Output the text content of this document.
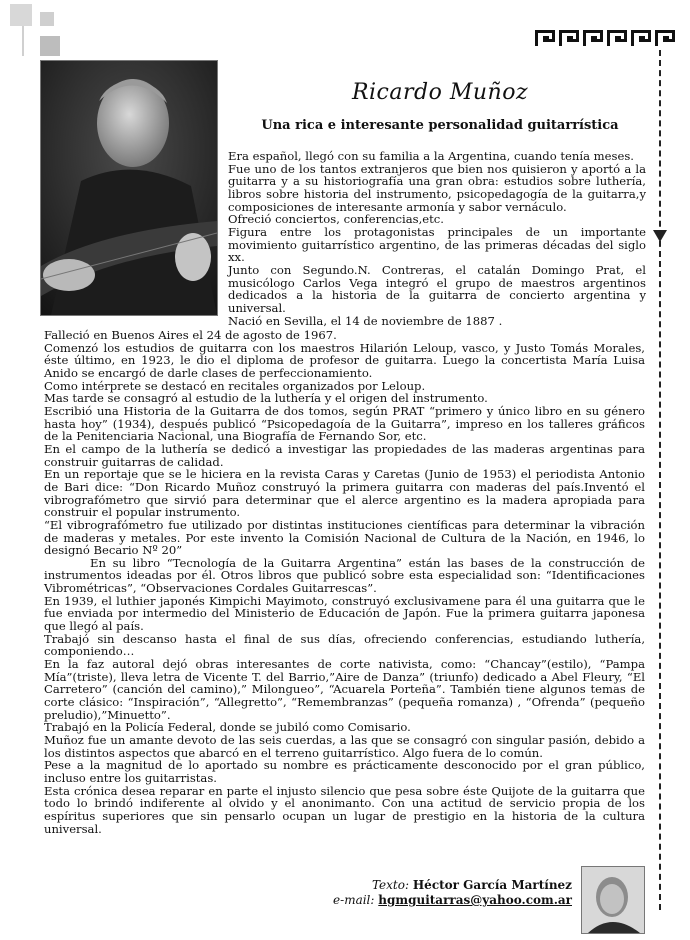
Ricardo Muñoz
Una rica e interesante personalidad guitarrística

Era español, llegó con su familia a la Argentina, cuando tenía meses.

Fue uno de los tantos extranjeros que bien nos quisieron y aportó a la guitarra y a su historiografía una gran obra: estudios sobre luthería, libros sobre historia del instrumento, psicopedagogía de la guitarra,y composiciones de interesante armonía y sabor vernáculo.

Ofreció conciertos, conferencias,etc.

Figura entre los protagonistas principales de un importante movimiento guitarrístico argentino, de las primeras décadas del siglo xx.

Junto con Segundo.N. Contreras, el catalán Domingo Prat, el musicólogo Carlos Vega integró el grupo de maestros argentinos dedicados a la historia de la guitarra de concierto argentina y universal.

Nació en Sevilla, el 14 de noviembre de 1887 .

Falleció en Buenos Aires el 24 de agosto de 1967.

Comenzó los estudios de guitarra con los maestros Hilarión Leloup, vasco, y Justo Tomás Morales, éste último, en 1923, le dio el diploma de profesor de guitarra. Luego la concertista María Luisa Anido se encargó de darle clases de perfeccionamiento.

Como intérprete se destacó en recitales organizados por Leloup.

Mas tarde se consagró al estudio de la luthería y el origen del instrumento.

Escribió una Historia de la Guitarra de dos tomos, según PRAT “primero y único libro en su género hasta hoy” (1934), después publicó “Psicopedagoía de la Guitarra”, impreso en los talleres gráficos de la Penitenciaria Nacional, una Biografía de Fernando Sor, etc.

En el campo de la luthería se dedicó a investigar las propiedades de las maderas argentinas para construir guitarras de calidad.

En un reportaje que se le hiciera en la revista Caras y Caretas (Junio de 1953) el periodista Antonio de Bari dice: “Don Ricardo Muñoz construyó la primera guitarra con maderas del país.Inventó el vibrografómetro que sirvió para determinar que el alerce argentino es la madera apropiada para construir el popular instrumento.

“El vibrografómetro fue utilizado por distintas instituciones científicas para determinar la vibración de maderas y metales. Por este invento la Comisión Nacional de Cultura de la Nación, en 1946, lo designó Becario Nº 20”

En su libro “Tecnología de la Guitarra Argentina” están las bases de la construcción de instrumentos ideadas por él. Otros libros que publicó sobre esta especialidad son: “Identificaciones Vibrométricas”, “Observaciones Cordales Guitarrescas”.

En 1939, el luthier japonés Kimpichi Mayimoto, construyó exclusivamene para él una guitarra que le fue enviada por intermedio del Ministerio de Educación de Japón. Fue la primera guitarra japonesa que llegó al país.

Trabajó sin descanso hasta el final de sus días, ofreciendo conferencias, estudiando luthería, componiendo…

En la faz autoral dejó obras interesantes de corte nativista, como: “Chancay”(estilo), “Pampa Mía”(triste), lleva letra de Vicente T. del Barrio,”Aire de Danza” (triunfo) dedicado a Abel Fleury, “El Carretero” (canción del camino),” Milongueo”, “Acuarela Porteña”. También tiene algunos temas de corte clásico: “Inspiración”, “Allegretto”, “Remembranzas” (pequeña romanza) , “Ofrenda” (pequeño preludio),”Minuetto”.

Trabajó en la Policía Federal, donde se jubiló como Comisario.

Muñoz fue un amante devoto de las seis cuerdas, a las que se consagró con singular pasión, debido a los distintos aspectos que abarcó en el terreno guitarrístico. Algo fuera de lo común.

Pese a la magnitud de lo aportado su nombre es prácticamente desconocido por el gran público, incluso entre los guitarristas.

Esta crónica desea reparar en parte el injusto silencio que pesa sobre éste Quijote de la guitarra que todo lo brindó indiferente al olvido y el anonimanto. Con una actitud de servicio propia de los espíritus superiores que sin pensarlo ocupan un lugar de prestigio en la historia de la cultura universal.

Texto: Héctor García Martínez
e-mail: hgmguitarras@yahoo.com.ar
